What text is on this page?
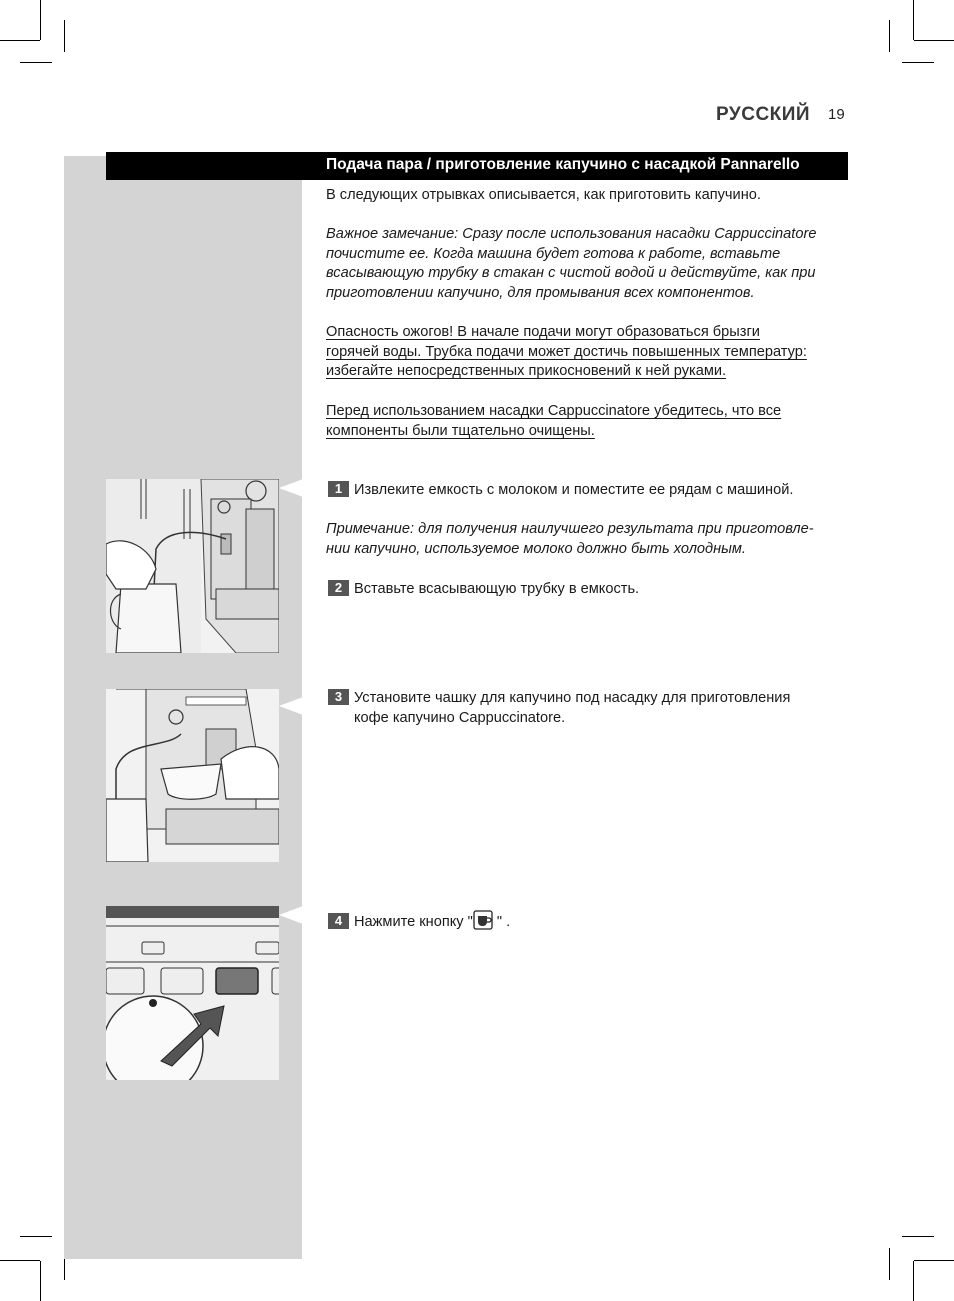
РУССКИЙ 19
Подача пара / приготовление капучино с насадкой Pannarello
В следующих отрывках описывается, как приготовить капучино.

Важное замечание: Сразу после использования насадки Cappuccinatore

почистите ее. Когда машина будет готова к работе, вставьте

всасывающую трубку в стакан с чистой водой и действуйте, как при

приготовлении капучино, для промывания всех компонентов.

Опасность ожогов! В начале подачи могут образоваться брызги

горячей воды. Трубка подачи может достичь повышенных температур:

избегайте непосредственных прикосновений к ней руками.

Перед использованием насадки Cappuccinatore убедитесь, что все

компоненты были тщательно очищены.

1 Извлеките емкость с молоком и поместите ее рядам с машиной.

Примечание: для получения наилучшего результата при приготовле-

нии капучино, используемое молоко должно быть холодным.

2 Вставьте всасывающую трубку в емкость.

3 Установите чашку для капучино под насадку для приготовления

кофе капучино Cappuccinatore.

4 Нажмите кнопку " " .
